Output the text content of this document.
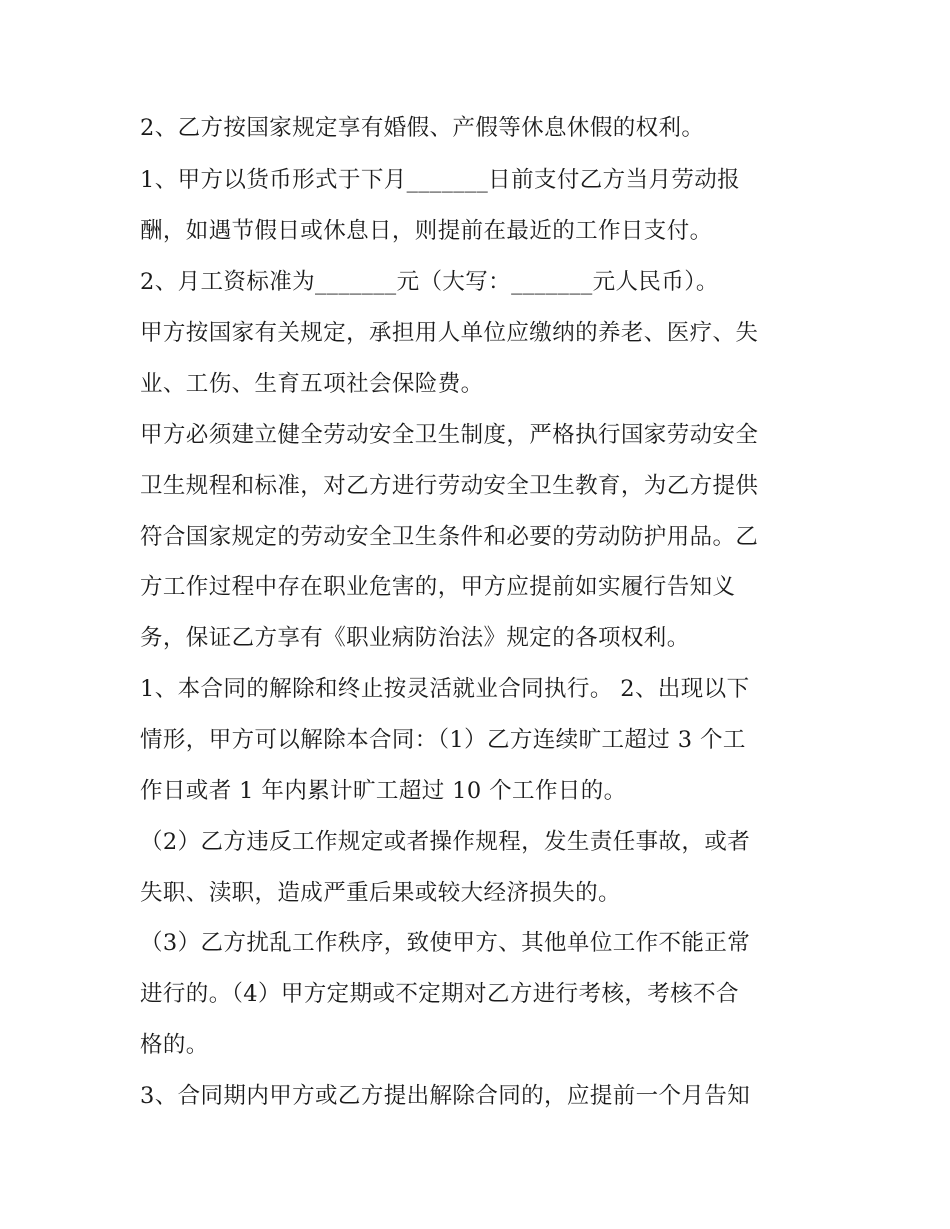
2、乙方按国家规定享有婚假、产假等休息休假的权利。
1、甲方以货币形式于下月_______日前支付乙方当月劳动报
酬，如遇节假日或休息日，则提前在最近的工作日支付。
2、月工资标准为_______元（大写：_______元人民币）。
甲方按国家有关规定，承担用人单位应缴纳的养老、医疗、失
业、工伤、生育五项社会保险费。
甲方必须建立健全劳动安全卫生制度，严格执行国家劳动安全
卫生规程和标准，对乙方进行劳动安全卫生教育，为乙方提供
符合国家规定的劳动安全卫生条件和必要的劳动防护用品。乙
方工作过程中存在职业危害的，甲方应提前如实履行告知义
务，保证乙方享有《职业病防治法》规定的各项权利。
1、本合同的解除和终止按灵活就业合同执行。 2、出现以下
情形，甲方可以解除本合同：（1）乙方连续旷工超过 3 个工
作日或者 1 年内累计旷工超过 10 个工作日的。
（2）乙方违反工作规定或者操作规程，发生责任事故，或者
失职、渎职，造成严重后果或较大经济损失的。
（3）乙方扰乱工作秩序，致使甲方、其他单位工作不能正常
进行的。（4）甲方定期或不定期对乙方进行考核，考核不合
格的。
3、合同期内甲方或乙方提出解除合同的，应提前一个月告知
